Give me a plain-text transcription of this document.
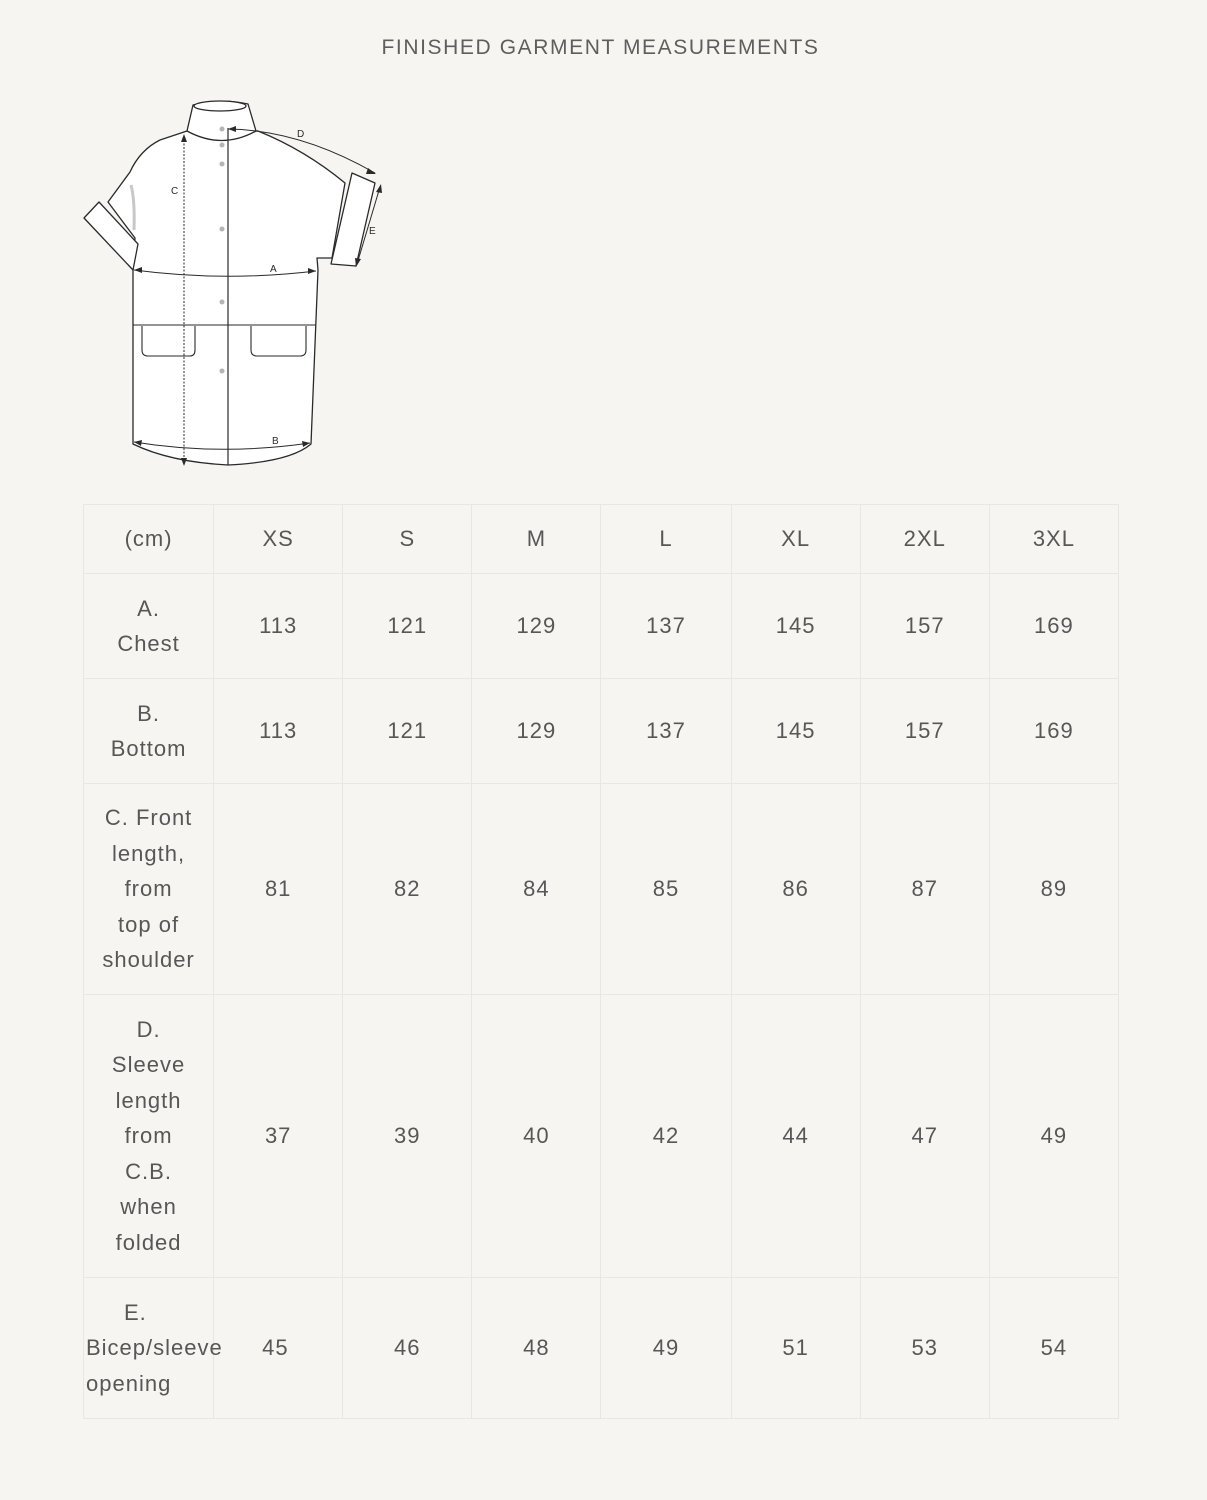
FINISHED GARMENT MEASUREMENTS
C
A
B
D
E
(cm)	XS	S	M	L	XL	2XL	3XL

A.
Chest	113	121	129	137	145	157	169

B.
Bottom	113	121	129	137	145	157	169

C. Front
length,
from
top of
shoulder	81	82	84	85	86	87	89

D.
Sleeve
length
from
C.B.
when
folded
	37	39	40	42	44	47	49

E.
Bicep/sleeve
opening	45	46	48	49	51	53	54
